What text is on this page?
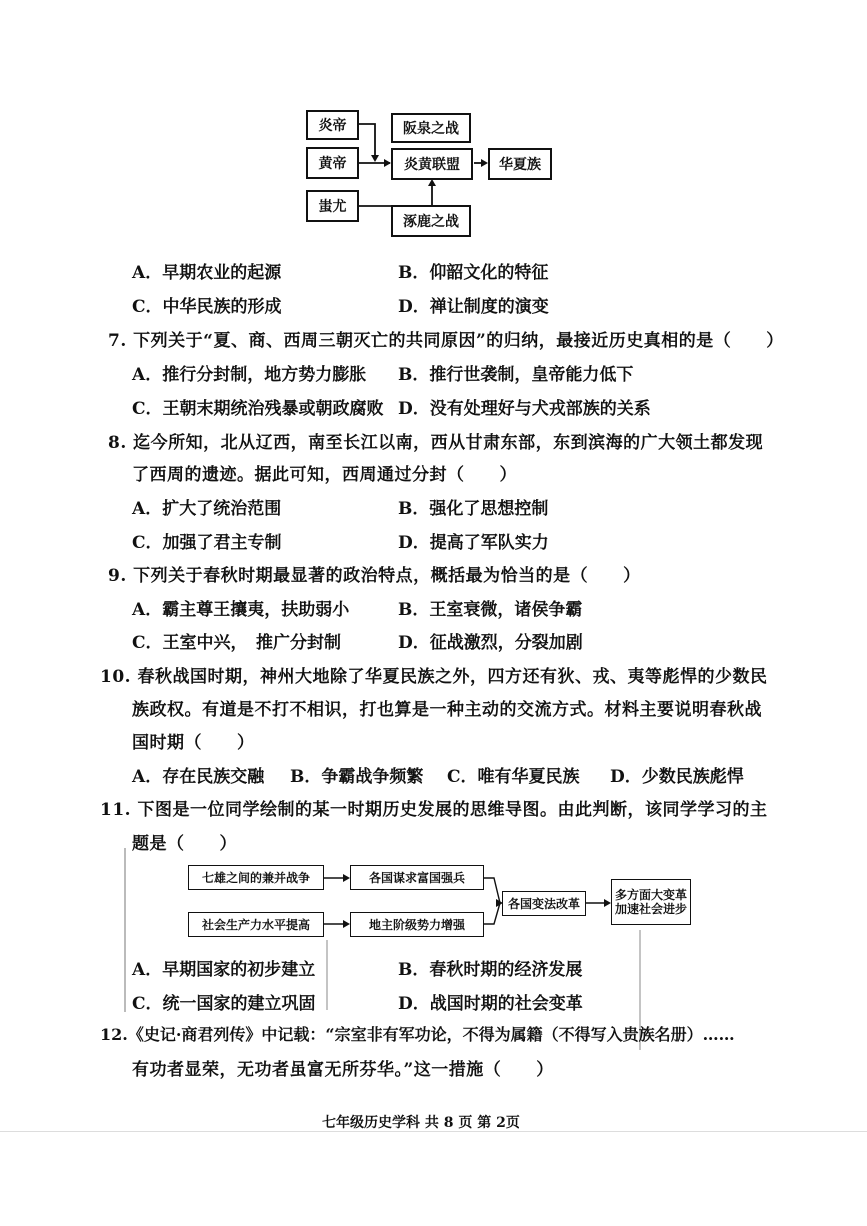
炎帝
黄帝
蚩尤
阪泉之战
炎黄联盟	华夏族
涿鹿之战
A．早期农业的起源	B．仰韶文化的特征
C．中华民族的形成	D．禅让制度的演变
7. 下列关于“夏、商、西周三朝灭亡的共同原因”的归纳，最接近历史真相的是（　　）
A．推行分封制，地方势力膨胀 B．推行世袭制，皇帝能力低下
C．王朝末期统治残暴或朝政腐败 D．没有处理好与犬戎部族的关系
8. 迄今所知，北从辽西，南至长江以南，西从甘肃东部，东到滨海的广大领土都发现
了西周的遗迹。据此可知，西周通过分封（　　）
A．扩大了统治范围	B．强化了思想控制
C．加强了君主专制	D．提高了军队实力
9. 下列关于春秋时期最显著的政治特点，概括最为恰当的是（　　）
A．霸主尊王攘夷，扶助弱小	B．王室衰微，诸侯争霸
C．王室中兴，　推广分封制	D．征战激烈，分裂加剧
10. 春秋战国时期，神州大地除了华夏民族之外，四方还有狄、戎、夷等彪悍的少数民
族政权。有道是不打不相识，打也算是一种主动的交流方式。材料主要说明春秋战
国时期（　　）
A．存在民族交融 B．争霸战争频繁 C．唯有华夏民族 D．少数民族彪悍
11. 下图是一位同学绘制的某一时期历史发展的思维导图。由此判断，该同学学习的主
题是（　　）
七雄之间的兼并战争
社会生产力水平提高
各国谋求富国强兵
地主阶级势力增强
各国变法改革
多方面大变革
加速社会进步
A．早期国家的初步建立	B．春秋时期的经济发展
C．统一国家的建立巩固	D．战国时期的社会变革
12.《史记·商君列传》中记载：“宗室非有军功论，不得为属籍（不得写入贵族名册）……
有功者显荣，无功者虽富无所芬华。”这一措施（　　）
七年级历史学科 共 8 页 第 2页
